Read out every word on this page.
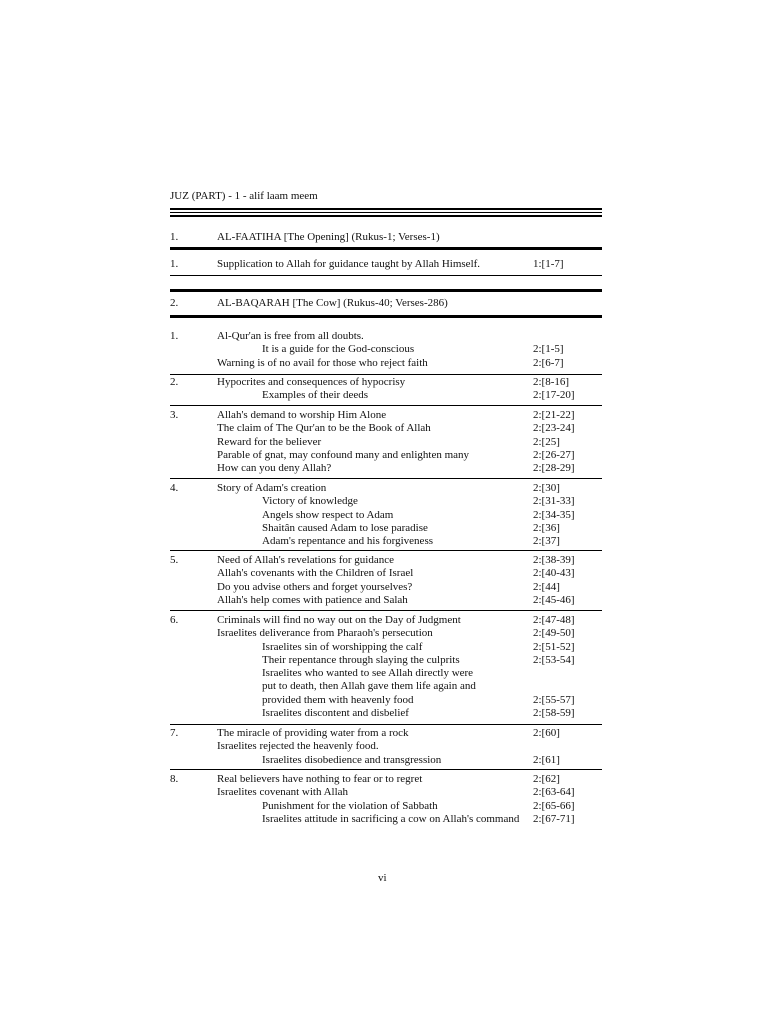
JUZ (PART) - 1 - alif laam meem
1.	AL-FAATIHA [The Opening] (Rukus-1; Verses-1)
1.	Supplication to Allah for guidance taught by Allah Himself.	1:[1-7]
2.	AL-BAQARAH [The Cow] (Rukus-40; Verses-286)
1.	Al-Qur'an is free from all doubts.
It is a guide for the God-conscious	2:[1-5]
Warning is of no avail for those who reject faith	2:[6-7]
2.	Hypocrites and consequences of hypocrisy	2:[8-16]
Examples of their deeds	2:[17-20]
3.	Allah's demand to worship Him Alone	2:[21-22]
The claim of The Qur'an to be the Book of Allah	2:[23-24]
Reward for the believer	2:[25]
Parable of gnat, may confound many and enlighten many	2:[26-27]
How can you deny Allah?	2:[28-29]
4.	Story of Adam's creation	2:[30]
Victory of knowledge	2:[31-33]
Angels show respect to Adam	2:[34-35]
Shaitân caused Adam to lose paradise	2:[36]
Adam's repentance and his forgiveness	2:[37]
5.	Need of Allah's revelations for guidance	2:[38-39]
Allah's covenants with the Children of Israel	2:[40-43]
Do you advise others and forget yourselves?	2:[44]
Allah's help comes with patience and Salah	2:[45-46]
6.	Criminals will find no way out on the Day of Judgment	2:[47-48]
Israelites deliverance from Pharaoh's persecution	2:[49-50]
Israelites sin of worshipping the calf	2:[51-52]
Their repentance through slaying the culprits	2:[53-54]
Israelites who wanted to see Allah directly were
put to death, then Allah gave them life again and
provided them with heavenly food	2:[55-57]
Israelites discontent and disbelief	2:[58-59]
7.	The miracle of providing water from a rock	2:[60]
Israelites rejected the heavenly food.
Israelites disobedience and transgression	2:[61]
8.	Real believers have nothing to fear or to regret	2:[62]
Israelites covenant with Allah	2:[63-64]
Punishment for the violation of Sabbath	2:[65-66]
Israelites attitude in sacrificing a cow on Allah's command 2:[67-71]
vi
